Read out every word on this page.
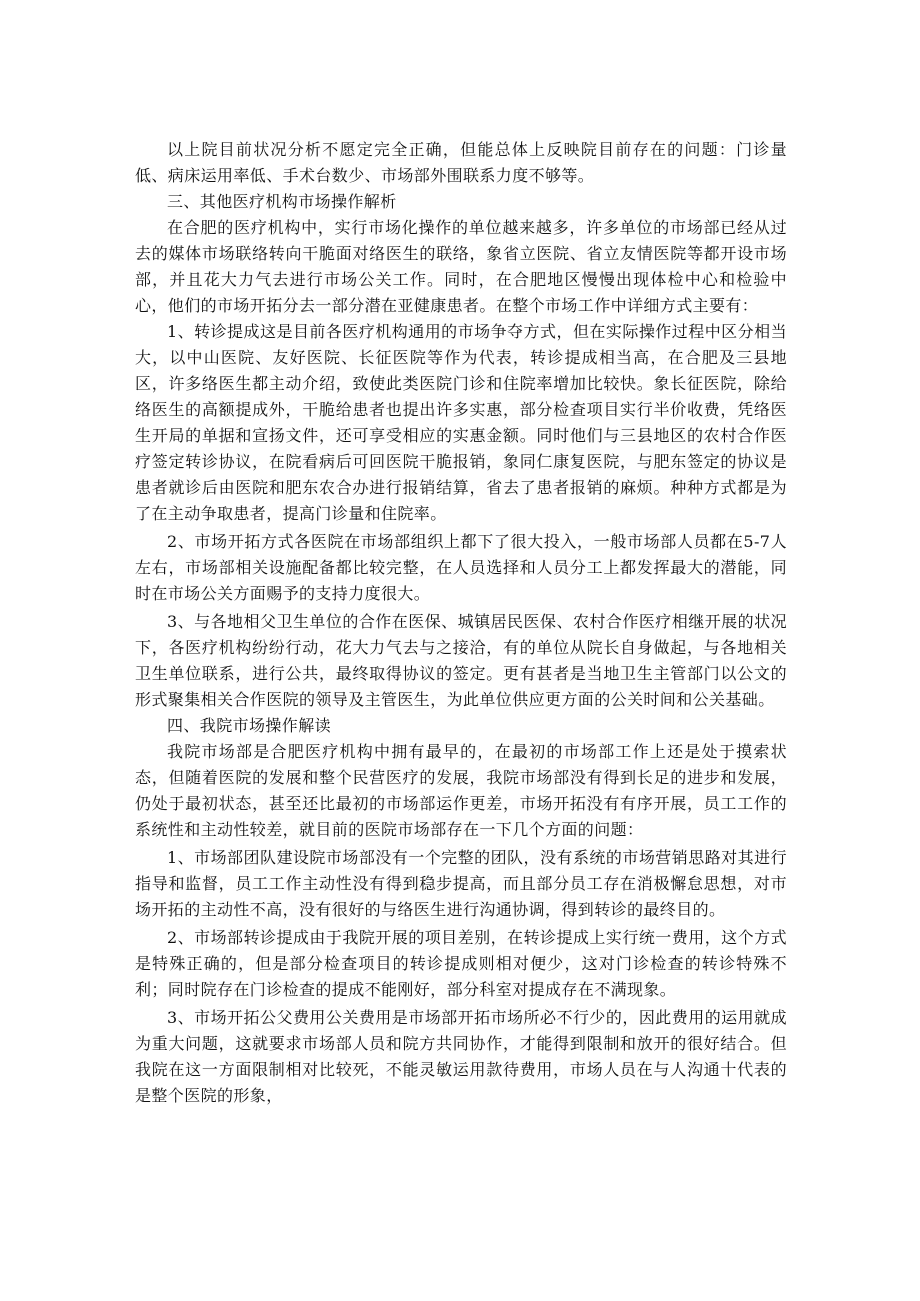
以上院目前状况分析不愿定完全正确，但能总体上反映院目前存在的问题：门诊量低、病床运用率低、手术台数少、市场部外围联系力度不够等。

三、其他医疗机构市场操作解析

在合肥的医疗机构中，实行市场化操作的单位越来越多，许多单位的市场部已经从过去的媒体市场联络转向干脆面对络医生的联络，象省立医院、省立友情医院等都开设市场部，并且花大力气去进行市场公关工作。同时，在合肥地区慢慢出现体检中心和检验中心，他们的市场开拓分去一部分潜在亚健康患者。在整个市场工作中详细方式主要有：

1、转诊提成这是目前各医疗机构通用的市场争夺方式，但在实际操作过程中区分相当大，以中山医院、友好医院、长征医院等作为代表，转诊提成相当高，在合肥及三县地区，许多络医生都主动介绍，致使此类医院门诊和住院率增加比较快。象长征医院，除给络医生的高额提成外，干脆给患者也提出许多实惠，部分检查项目实行半价收费，凭络医生开局的单据和宣扬文件，还可享受相应的实惠金额。同时他们与三县地区的农村合作医疗签定转诊协议，在院看病后可回医院干脆报销，象同仁康复医院，与肥东签定的协议是患者就诊后由医院和肥东农合办进行报销结算，省去了患者报销的麻烦。种种方式都是为了在主动争取患者，提高门诊量和住院率。

2、市场开拓方式各医院在市场部组织上都下了很大投入，一般市场部人员都在5-7人左右，市场部相关设施配备都比较完整，在人员选择和人员分工上都发挥最大的潜能，同时在市场公关方面赐予的支持力度很大。

3、与各地相父卫生单位的合作在医保、城镇居民医保、农村合作医疗相继开展的状况下，各医疗机构纷纷行动，花大力气去与之接洽，有的单位从院长自身做起，与各地相关卫生单位联系，进行公共，最终取得协议的签定。更有甚者是当地卫生主管部门以公文的形式聚集相关合作医院的领导及主管医生，为此单位供应更方面的公关时间和公关基础。

四、我院市场操作解读

我院市场部是合肥医疗机构中拥有最早的，在最初的市场部工作上还是处于摸索状态，但随着医院的发展和整个民营医疗的发展，我院市场部没有得到长足的进步和发展，仍处于最初状态，甚至还比最初的市场部运作更差，市场开拓没有有序开展，员工工作的系统性和主动性较差，就目前的医院市场部存在一下几个方面的问题：

1、市场部团队建设院市场部没有一个完整的团队，没有系统的市场营销思路对其进行指导和监督，员工工作主动性没有得到稳步提高，而且部分员工存在消极懈怠思想，对市场开拓的主动性不高，没有很好的与络医生进行沟通协调，得到转诊的最终目的。

2、市场部转诊提成由于我院开展的项目差别，在转诊提成上实行统一费用，这个方式是特殊正确的，但是部分检查项目的转诊提成则相对便少，这对门诊检查的转诊特殊不利；同时院存在门诊检查的提成不能刚好，部分科室对提成存在不满现象。

3、市场开拓公父费用公关费用是市场部开拓市场所必不行少的，因此费用的运用就成为重大问题，这就要求市场部人员和院方共同协作，才能得到限制和放开的很好结合。但我院在这一方面限制相对比较死，不能灵敏运用款待费用，市场人员在与人沟通十代表的是整个医院的形象，
